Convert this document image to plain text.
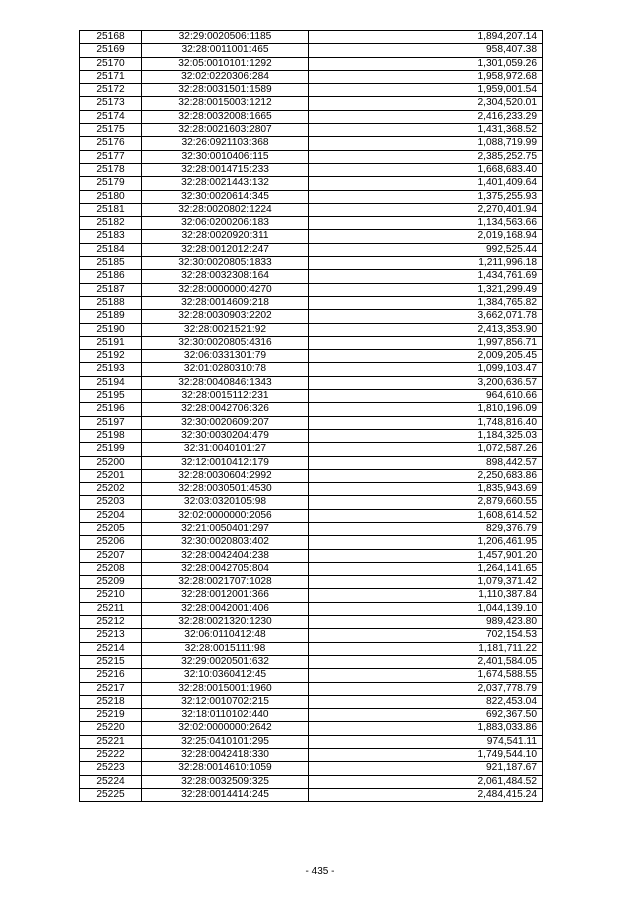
25168	32:29:0020506:1185	1,894,207.14
25169	32:28:0011001:465	958,407.38
25170	32:05:0010101:1292	1,301,059.26
25171	32:02:0220306:284	1,958,972.68
25172	32:28:0031501:1589	1,959,001.54
25173	32:28:0015003:1212	2,304,520.01
25174	32:28:0032008:1665	2,416,233.29
25175	32:28:0021603:2807	1,431,368.52
25176	32:26:0921103:368	1,088,719.99
25177	32:30:0010406:115	2,385,252.75
25178	32:28:0014715:233	1,668,683.40
25179	32:28:0021443:132	1,401,409.64
25180	32:30:0020614:345	1,375,255.93
25181	32:28:0020802:1224	2,270,401.94
25182	32:06:0200206:183	1,134,563.66
25183	32:28:0020920:311	2,019,168.94
25184	32:28:0012012:247	992,525.44
25185	32:30:0020805:1833	1,211,996.18
25186	32:28:0032308:164	1,434,761.69
25187	32:28:0000000:4270	1,321,299.49
25188	32:28:0014609:218	1,384,765.82
25189	32:28:0030903:2202	3,662,071.78
25190	32:28:0021521:92	2,413,353.90
25191	32:30:0020805:4316	1,997,856.71
25192	32:06:0331301:79	2,009,205.45
25193	32:01:0280310:78	1,099,103.47
25194	32:28:0040846:1343	3,200,636.57
25195	32:28:0015112:231	964,610.66
25196	32:28:0042706:326	1,810,196.09
25197	32:30:0020609:207	1,748,816.40
25198	32:30:0030204:479	1,184,325.03
25199	32:31:0040101:27	1,072,587.26
25200	32:12:0010412:179	898,442.57
25201	32:28:0030604:2992	2,250,683.86
25202	32:28:0030501:4530	1,835,943.69
25203	32:03:0320105:98	2,879,660.55
25204	32:02:0000000:2056	1,608,614.52
25205	32:21:0050401:297	829,376.79
25206	32:30:0020803:402	1,206,461.95
25207	32:28:0042404:238	1,457,901.20
25208	32:28:0042705:804	1,264,141.65
25209	32:28:0021707:1028	1,079,371.42
25210	32:28:0012001:366	1,110,387.84
25211	32:28:0042001:406	1,044,139.10
25212	32:28:0021320:1230	989,423.80
25213	32:06:0110412:48	702,154.53
25214	32:28:0015111:98	1,181,711.22
25215	32:29:0020501:632	2,401,584.05
25216	32:10:0360412:45	1,674,588.55
25217	32:28:0015001:1960	2,037,778.79
25218	32:12:0010702:215	822,453.04
25219	32:18:0110102:440	692,367.50
25220	32:02:0000000:2642	1,883,033.86
25221	32:25:0410101:295	974,541.11
25222	32:28:0042418:330	1,749,544.10
25223	32:28:0014610:1059	921,187.67
25224	32:28:0032509:325	2,061,484.52
25225	32:28:0014414:245	2,484,415.24
- 435 -
